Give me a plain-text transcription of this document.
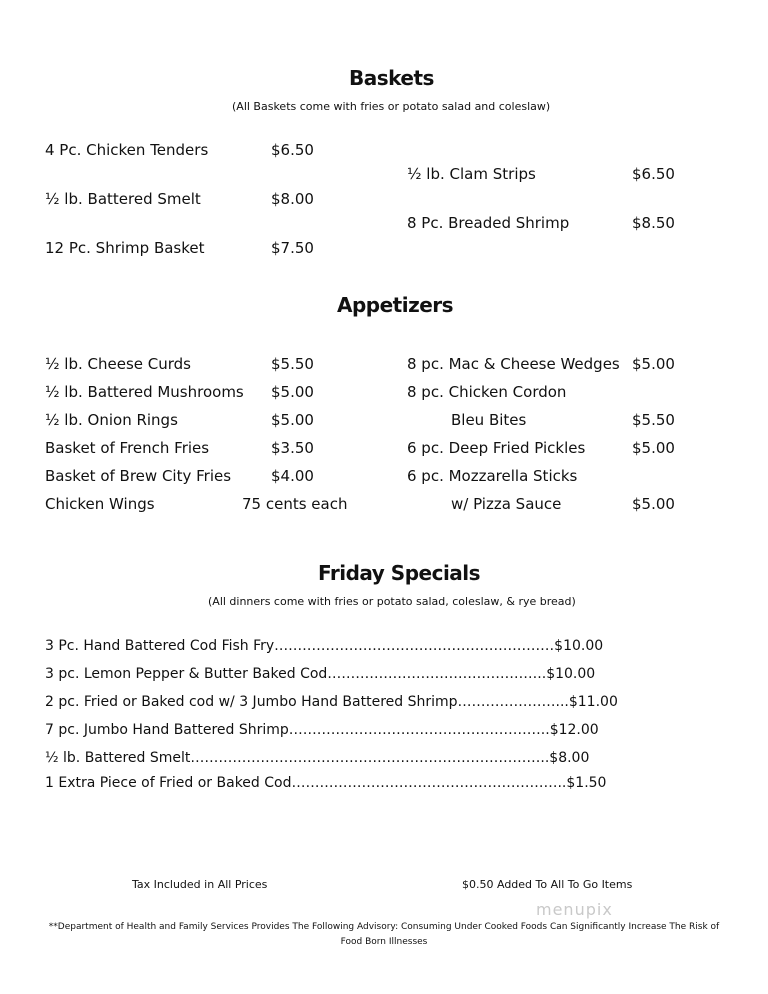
Baskets
(All Baskets come with fries or potato salad and coleslaw)
4 Pc. Chicken Tenders	$6.50
½ lb. Battered Smelt	$8.00
12 Pc. Shrimp Basket	$7.50
½ lb. Clam Strips	$6.50
8 Pc. Breaded Shrimp	$8.50
Appetizers
½ lb. Cheese Curds	$5.50
½ lb. Battered Mushrooms $5.00
½ lb. Onion Rings	$5.00
Basket of French Fries	$3.50
Basket of Brew City Fries	$4.00
Chicken Wings	75 cents each
8 pc. Mac & Cheese Wedges $5.00
8 pc. Chicken Cordon
Bleu Bites	$5.50
6 pc. Deep Fried Pickles	$5.00
6 pc. Mozzarella Sticks
w/ Pizza Sauce	$5.00
Friday Specials
(All dinners come with fries or potato salad, coleslaw, & rye bread)
3 Pc. Hand Battered Cod Fish Fry……………………………………………………$10.00
3 pc. Lemon Pepper & Butter Baked Cod………………………………………..$10.00
2 pc. Fried or Baked cod w/ 3 Jumbo Hand Battered Shrimp…………………...$11.00
7 pc. Jumbo Hand Battered Shrimp………………………………………………..$12.00
½ lb. Battered Smelt…………………………………………………………………..$8.00
1 Extra Piece of Fried or Baked Cod…………………………………………………..$1.50
Tax Included in All Prices	$0.50 Added To All To Go Items
menupix
**Department of Health and Family Services Provides The Following Advisory: Consuming Under Cooked Foods Can Significantly Increase The Risk of Food Born Illnesses
